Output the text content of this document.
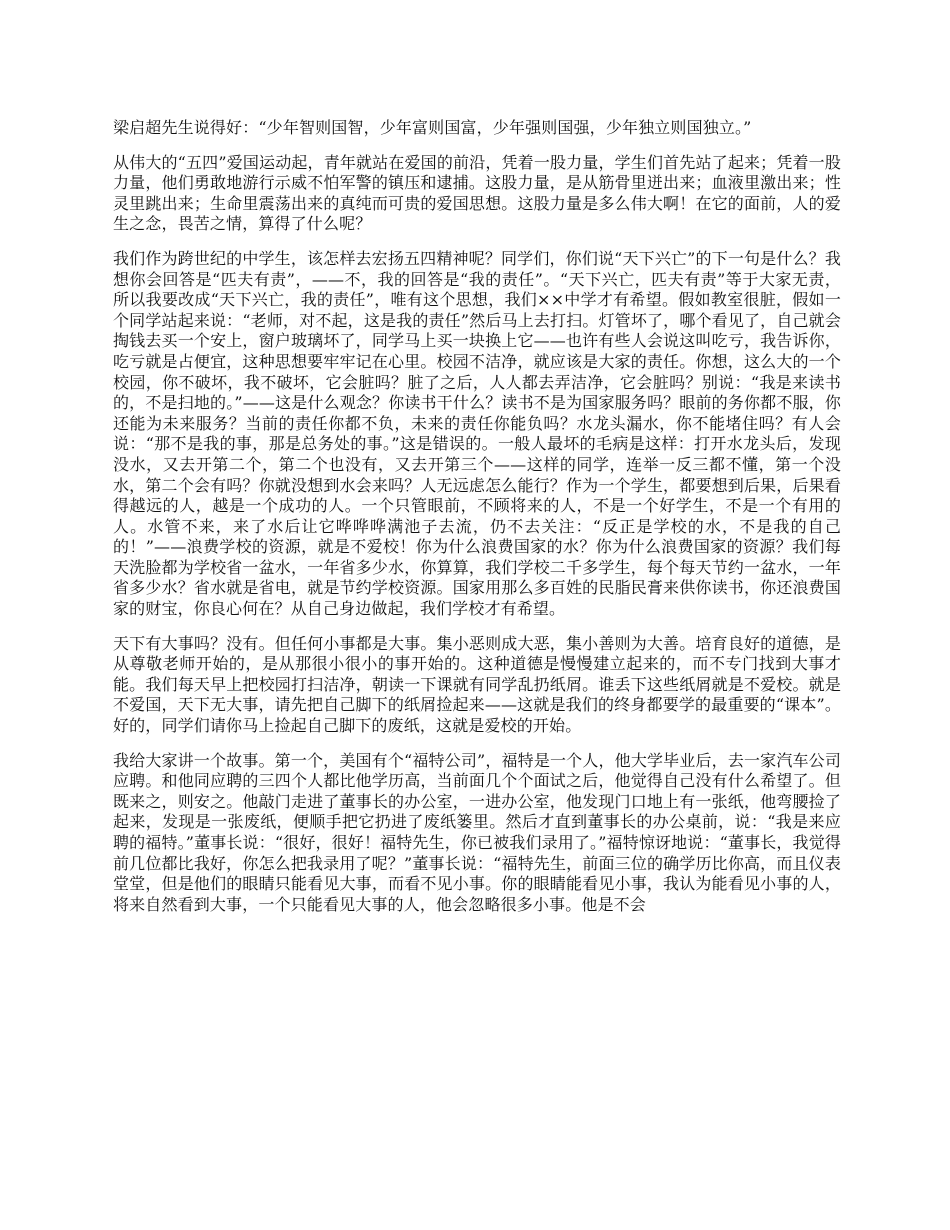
梁启超先生说得好：“少年智则国智，少年富则国富，少年强则国强，少年独立则国独立。”

从伟大的“五四”爱国运动起，青年就站在爱国的前沿，凭着一股力量，学生们首先站了起来；凭着一股力量，他们勇敢地游行示威不怕军警的镇压和逮捕。这股力量，是从筋骨里迸出来；血液里激出来；性灵里跳出来；生命里震荡出来的真纯而可贵的爱国思想。这股力量是多么伟大啊！在它的面前，人的爱生之念，畏苦之情，算得了什么呢？

我们作为跨世纪的中学生，该怎样去宏扬五四精神呢？同学们，你们说“天下兴亡”的下一句是什么？我想你会回答是“匹夫有责”，——不，我的回答是“我的责任”。“天下兴亡，匹夫有责”等于大家无责，所以我要改成“天下兴亡，我的责任”，唯有这个思想，我们××中学才有希望。假如教室很脏，假如一个同学站起来说：“老师，对不起，这是我的责任”然后马上去打扫。灯管坏了，哪个看见了，自己就会掏钱去买一个安上，窗户玻璃坏了，同学马上买一块换上它——也许有些人会说这叫吃亏，我告诉你，吃亏就是占便宜，这种思想要牢牢记在心里。校园不洁净，就应该是大家的责任。你想，这么大的一个校园，你不破坏，我不破坏，它会脏吗？脏了之后，人人都去弄洁净，它会脏吗？别说：“我是来读书的，不是扫地的。”——这是什么观念？你读书干什么？读书不是为国家服务吗？眼前的务你都不服，你还能为未来服务？当前的责任你都不负，未来的责任你能负吗？水龙头漏水，你不能堵住吗？有人会说：“那不是我的事，那是总务处的事。”这是错误的。一般人最坏的毛病是这样：打开水龙头后，发现没水，又去开第二个，第二个也没有，又去开第三个——这样的同学，连举一反三都不懂，第一个没水，第二个会有吗？你就没想到水会来吗？人无远虑怎么能行？作为一个学生，都要想到后果，后果看得越远的人，越是一个成功的人。一个只管眼前，不顾将来的人，不是一个好学生，不是一个有用的人。水管不来，来了水后让它哗哗哗满池子去流，仍不去关注：“反正是学校的水，不是我的自己的！”——浪费学校的资源，就是不爱校！你为什么浪费国家的水？你为什么浪费国家的资源？我们每天洗脸都为学校省一盆水，一年省多少水，你算算，我们学校二千多学生，每个每天节约一盆水，一年省多少水？省水就是省电，就是节约学校资源。国家用那么多百姓的民脂民膏来供你读书，你还浪费国家的财宝，你良心何在？从自己身边做起，我们学校才有希望。

天下有大事吗？没有。但任何小事都是大事。集小恶则成大恶，集小善则为大善。培育良好的道德，是从尊敬老师开始的，是从那很小很小的事开始的。这种道德是慢慢建立起来的，而不专门找到大事才能。我们每天早上把校园打扫洁净，朝读一下课就有同学乱扔纸屑。谁丢下这些纸屑就是不爱校。就是不爱国，天下无大事，请先把自己脚下的纸屑捡起来——这就是我们的终身都要学的最重要的“课本”。好的，同学们请你马上捡起自己脚下的废纸，这就是爱校的开始。

我给大家讲一个故事。第一个，美国有个“福特公司”，福特是一个人，他大学毕业后，去一家汽车公司应聘。和他同应聘的三四个人都比他学历高，当前面几个个面试之后，他觉得自己没有什么希望了。但既来之，则安之。他敲门走进了董事长的办公室，一进办公室，他发现门口地上有一张纸，他弯腰捡了起来，发现是一张废纸，便顺手把它扔进了废纸篓里。然后才直到董事长的办公桌前，说：“我是来应聘的福特。”董事长说：“很好，很好！福特先生，你已被我们录用了。”福特惊讶地说：“董事长，我觉得前几位都比我好，你怎么把我录用了呢？”董事长说：“福特先生，前面三位的确学历比你高，而且仪表堂堂，但是他们的眼睛只能看见大事，而看不见小事。你的眼睛能看见小事，我认为能看见小事的人，将来自然看到大事，一个只能看见大事的人，他会忽略很多小事。他是不会
